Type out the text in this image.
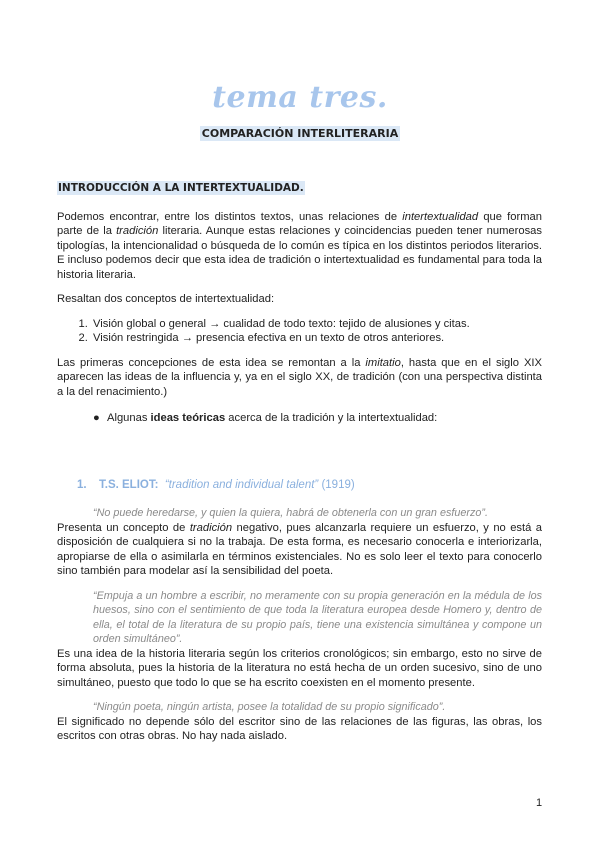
tema tres.
COMPARACIÓN INTERLITERARIA

INTRODUCCIÓN A LA INTERTEXTUALIDAD.

Podemos encontrar, entre los distintos textos, unas relaciones de intertextualidad que forman parte de la tradición literaria. Aunque estas relaciones y coincidencias pueden tener numerosas tipologías, la intencionalidad o búsqueda de lo común es típica en los distintos periodos literarios. E incluso podemos decir que esta idea de tradición o intertextualidad es fundamental para toda la historia literaria.

Resaltan dos conceptos de intertextualidad:

1. Visión global o general → cualidad de todo texto: tejido de alusiones y citas.
2. Visión restringida → presencia efectiva en un texto de otros anteriores.

Las primeras concepciones de esta idea se remontan a la imitatio, hasta que en el siglo XIX aparecen las ideas de la influencia y, ya en el siglo XX, de tradición (con una perspectiva distinta a la del renacimiento.)

● Algunas ideas teóricas acerca de la tradición y la intertextualidad:
1. T.S. ELIOT: “tradition and individual talent” (1919)

“No puede heredarse, y quien la quiera, habrá de obtenerla con un gran esfuerzo”.

Presenta un concepto de tradición negativo, pues alcanzarla requiere un esfuerzo, y no está a disposición de cualquiera si no la trabaja. De esta forma, es necesario conocerla e interiorizarla, apropiarse de ella o asimilarla en términos existenciales. No es solo leer el texto para conocerlo sino también para modelar así la sensibilidad del poeta.

“Empuja a un hombre a escribir, no meramente con su propia generación en la médula de los huesos, sino con el sentimiento de que toda la literatura europea desde Homero y, dentro de ella, el total de la literatura de su propio país, tiene una existencia simultánea y compone un orden simultáneo”.

Es una idea de la historia literaria según los criterios cronológicos; sin embargo, esto no sirve de forma absoluta, pues la historia de la literatura no está hecha de un orden sucesivo, sino de uno simultáneo, puesto que todo lo que se ha escrito coexisten en el momento presente.

“Ningún poeta, ningún artista, posee la totalidad de su propio significado”.

El significado no depende sólo del escritor sino de las relaciones de las figuras, las obras, los escritos con otras obras. No hay nada aislado.

1
